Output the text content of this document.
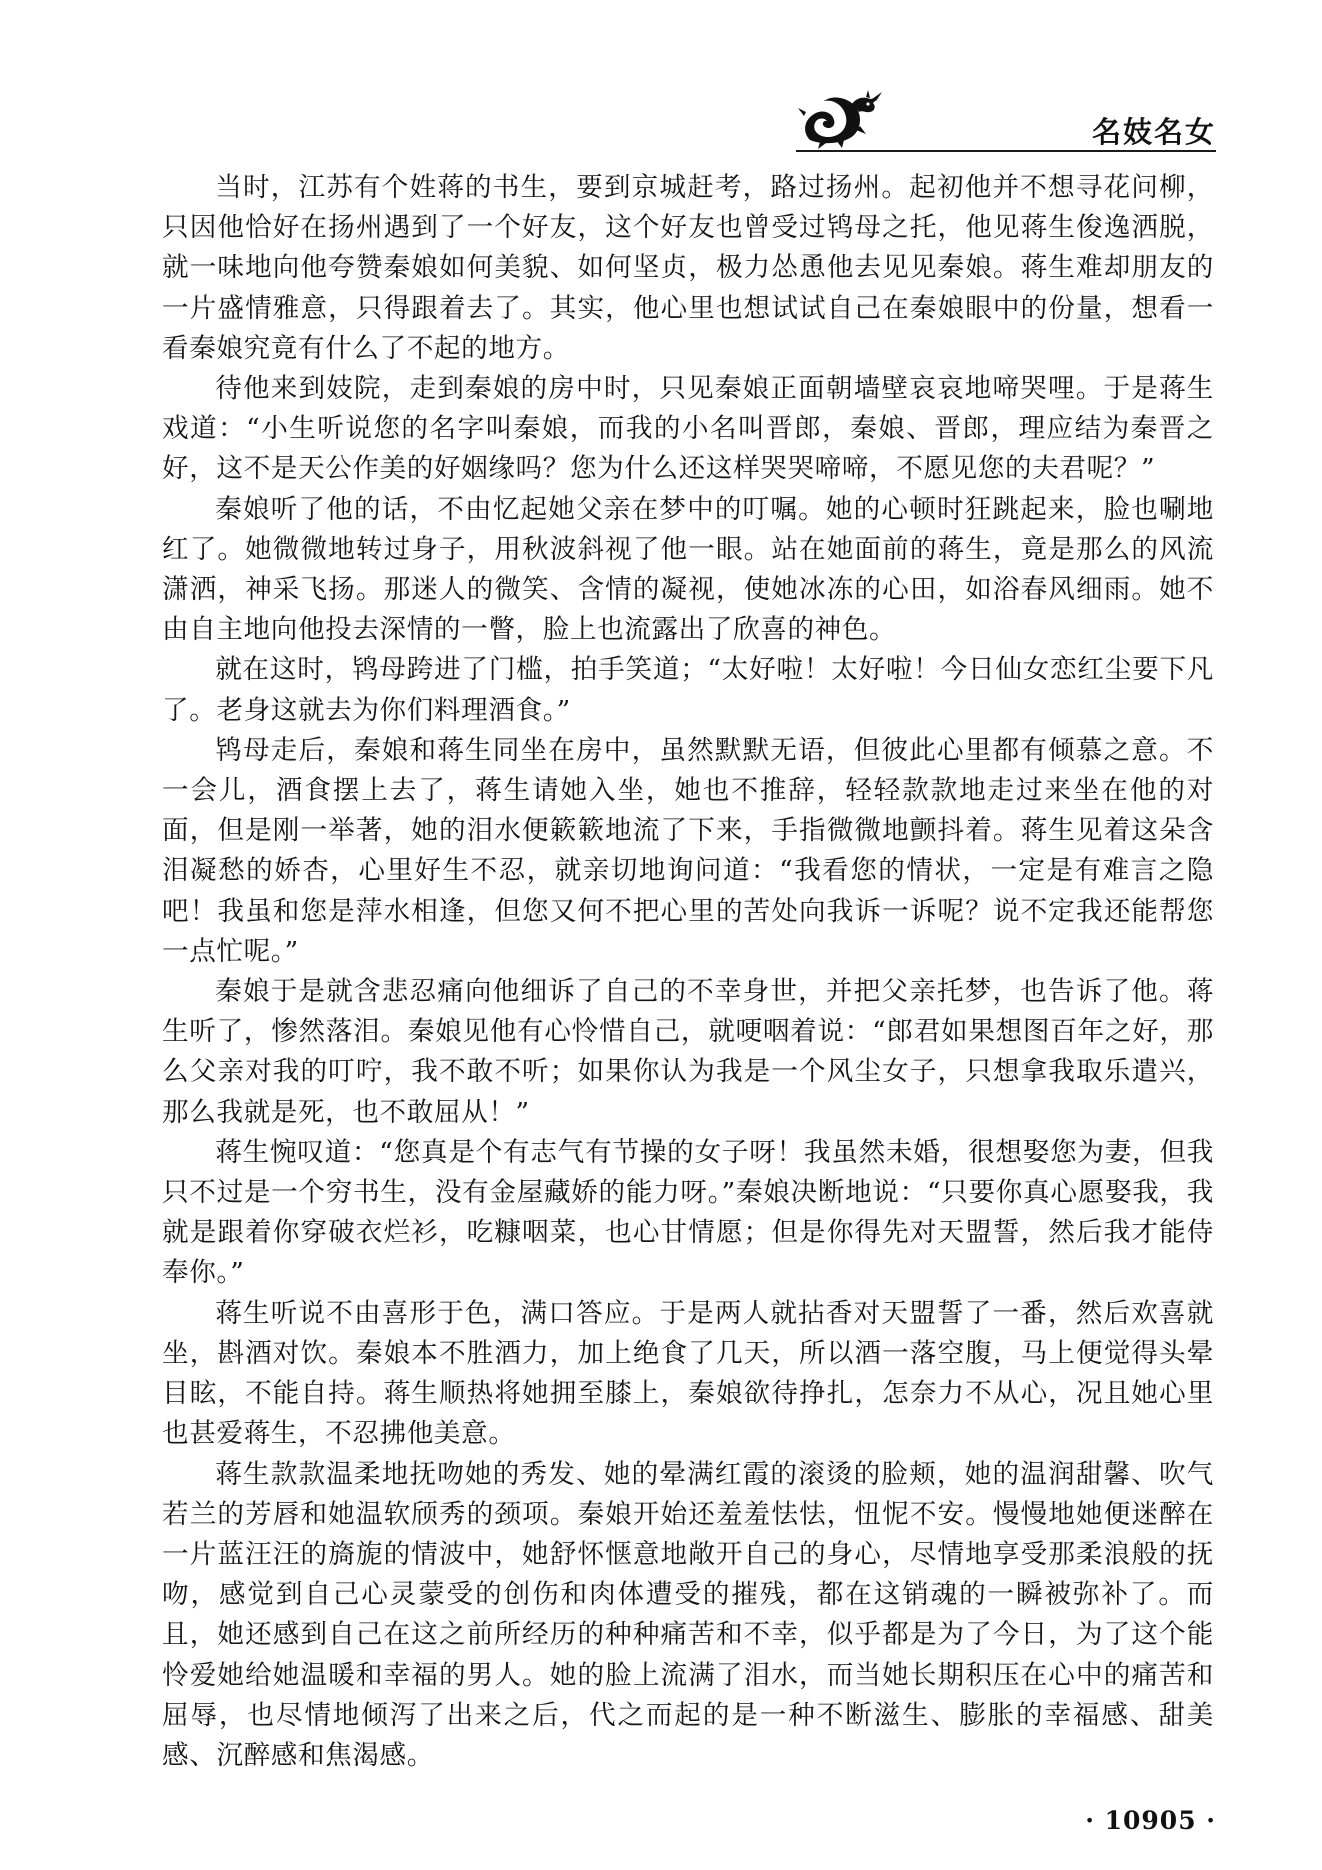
名妓名女

当时，江苏有个姓蒋的书生，要到京城赶考，路过扬州。起初他并不想寻花问柳，只因他恰好在扬州遇到了一个好友，这个好友也曾受过鸨母之托，他见蒋生俊逸洒脱，就一味地向他夸赞秦娘如何美貌、如何坚贞，极力怂恿他去见见秦娘。蒋生难却朋友的一片盛情雅意，只得跟着去了。其实，他心里也想试试自己在秦娘眼中的份量，想看一看秦娘究竟有什么了不起的地方。

待他来到妓院，走到秦娘的房中时，只见秦娘正面朝墙壁哀哀地啼哭哩。于是蒋生戏道：“小生听说您的名字叫秦娘，而我的小名叫晋郎，秦娘、晋郎，理应结为秦晋之好，这不是天公作美的好姻缘吗？您为什么还这样哭哭啼啼，不愿见您的夫君呢？”

秦娘听了他的话，不由忆起她父亲在梦中的叮嘱。她的心顿时狂跳起来，脸也唰地红了。她微微地转过身子，用秋波斜视了他一眼。站在她面前的蒋生，竟是那么的风流潇洒，神采飞扬。那迷人的微笑、含情的凝视，使她冰冻的心田，如浴春风细雨。她不由自主地向他投去深情的一瞥，脸上也流露出了欣喜的神色。

就在这时，鸨母跨进了门槛，拍手笑道；“太好啦！太好啦！今日仙女恋红尘要下凡了。老身这就去为你们料理酒食。”

鸨母走后，秦娘和蒋生同坐在房中，虽然默默无语，但彼此心里都有倾慕之意。不一会儿，酒食摆上去了，蒋生请她入坐，她也不推辞，轻轻款款地走过来坐在他的对面，但是刚一举著，她的泪水便簌簌地流了下来，手指微微地颤抖着。蒋生见着这朵含泪凝愁的娇杏，心里好生不忍，就亲切地询问道：“我看您的情状，一定是有难言之隐吧！我虽和您是萍水相逢，但您又何不把心里的苦处向我诉一诉呢？说不定我还能帮您一点忙呢。”

秦娘于是就含悲忍痛向他细诉了自己的不幸身世，并把父亲托梦，也告诉了他。蒋生听了，惨然落泪。秦娘见他有心怜惜自己，就哽咽着说：“郎君如果想图百年之好，那么父亲对我的叮咛，我不敢不听；如果你认为我是一个风尘女子，只想拿我取乐遣兴，那么我就是死，也不敢屈从！”

蒋生惋叹道：“您真是个有志气有节操的女子呀！我虽然未婚，很想娶您为妻，但我只不过是一个穷书生，没有金屋藏娇的能力呀。”秦娘决断地说：“只要你真心愿娶我，我就是跟着你穿破衣烂衫，吃糠咽菜，也心甘情愿；但是你得先对天盟誓，然后我才能侍奉你。”

蒋生听说不由喜形于色，满口答应。于是两人就拈香对天盟誓了一番，然后欢喜就坐，斟酒对饮。秦娘本不胜酒力，加上绝食了几天，所以酒一落空腹，马上便觉得头晕目眩，不能自持。蒋生顺热将她拥至膝上，秦娘欲待挣扎，怎奈力不从心，况且她心里也甚爱蒋生，不忍拂他美意。

蒋生款款温柔地抚吻她的秀发、她的晕满红霞的滚烫的脸颊，她的温润甜馨、吹气若兰的芳唇和她温软颀秀的颈项。秦娘开始还羞羞怯怯，忸怩不安。慢慢地她便迷醉在一片蓝汪汪的旖旎的情波中，她舒怀惬意地敞开自己的身心，尽情地享受那柔浪般的抚吻，感觉到自己心灵蒙受的创伤和肉体遭受的摧残，都在这销魂的一瞬被弥补了。而且，她还感到自己在这之前所经历的种种痛苦和不幸，似乎都是为了今日，为了这个能怜爱她给她温暖和幸福的男人。她的脸上流满了泪水，而当她长期积压在心中的痛苦和屈辱，也尽情地倾泻了出来之后，代之而起的是一种不断滋生、膨胀的幸福感、甜美感、沉醉感和焦渴感。

· 10905 ·
